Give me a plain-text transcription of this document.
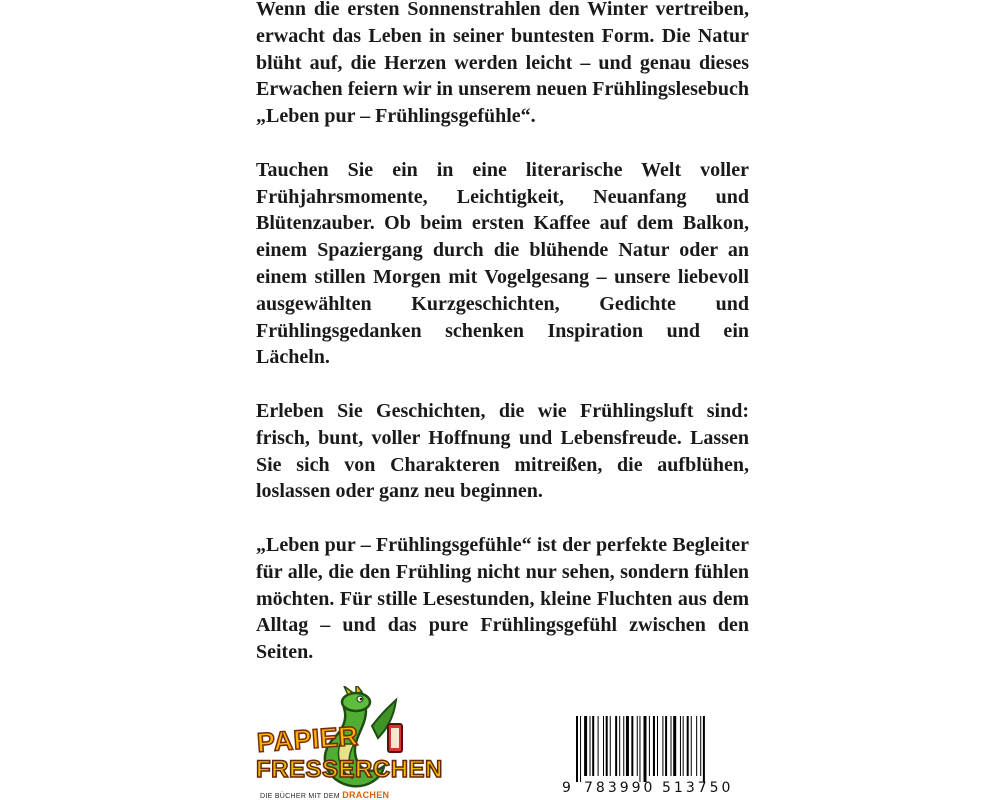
Wenn die ersten Sonnenstrahlen den Winter vertreiben, erwacht das Leben in seiner buntesten Form. Die Natur blüht auf, die Herzen werden leicht – und genau dieses Erwachen feiern wir in unserem neuen Frühlingslesebuch „Leben pur – Frühlingsgefühle“.

Tauchen Sie ein in eine literarische Welt voller Frühjahrsmomente, Leichtigkeit, Neuanfang und Blütenzauber. Ob beim ersten Kaffee auf dem Balkon, einem Spaziergang durch die blühende Natur oder an einem stillen Morgen mit Vogelgesang – unsere liebevoll ausgewählten Kurzgeschichten, Gedichte und Frühlingsgedanken schenken Inspiration und ein Lächeln.

Erleben Sie Geschichten, die wie Frühlingsluft sind: frisch, bunt, voller Hoffnung und Lebensfreude. Lassen Sie sich von Charakteren mitreißen, die aufblühen, loslassen oder ganz neu beginnen.

„Leben pur – Frühlingsgefühle“ ist der perfekte Begleiter für alle, die den Frühling nicht nur sehen, sondern fühlen möchten. Für stille Lesestunden, kleine Fluchten aus dem Alltag – und das pure Frühlingsgefühl zwischen den Seiten.

PAPIER
FRESSERCHEN
DIE BÜCHER MIT DEM DRACHEN	9 783990 513750
